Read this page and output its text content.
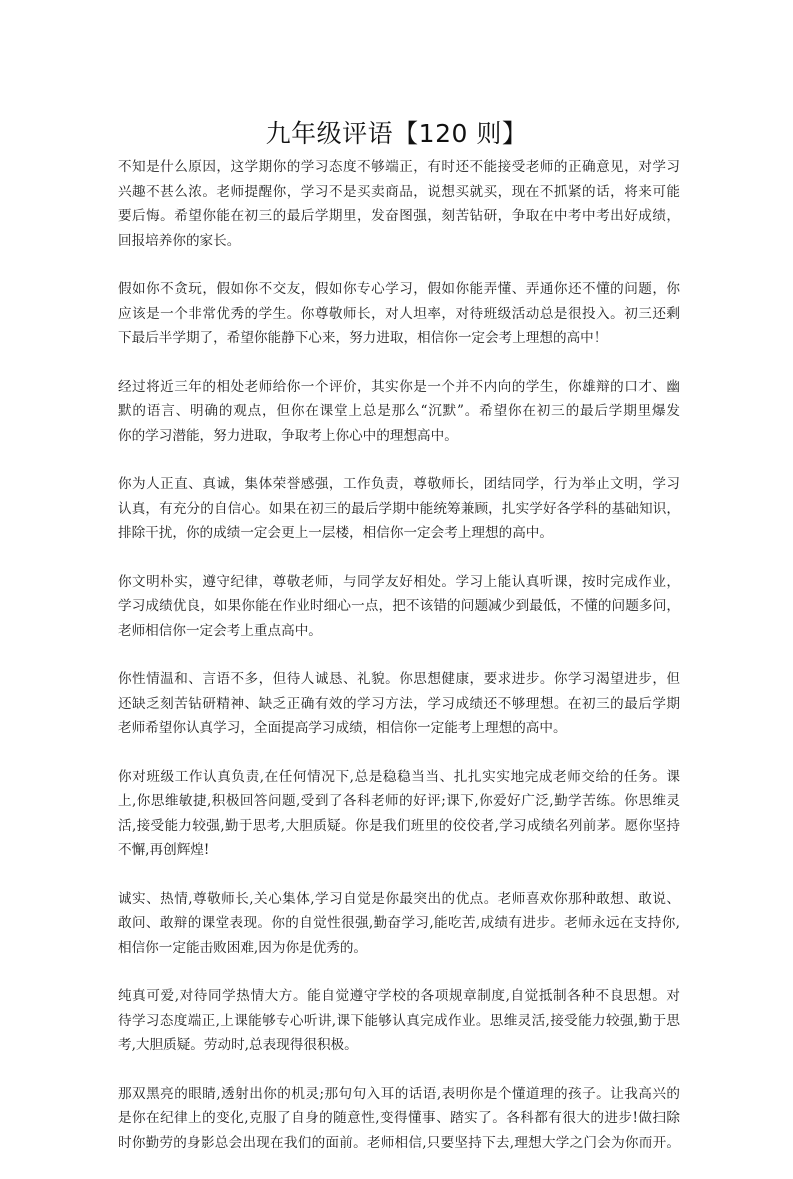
九年级评语【120 则】

不知是什么原因，这学期你的学习态度不够端正，有时还不能接受老师的正确意见，对学习
兴趣不甚么浓。老师提醒你，学习不是买卖商品，说想买就买，现在不抓紧的话，将来可能
要后悔。希望你能在初三的最后学期里，发奋图强，刻苦钻研，争取在中考中考出好成绩，
回报培养你的家长。

假如你不贪玩，假如你不交友，假如你专心学习，假如你能弄懂、弄通你还不懂的问题，你
应该是一个非常优秀的学生。你尊敬师长，对人坦率，对待班级活动总是很投入。初三还剩
下最后半学期了，希望你能静下心来，努力进取，相信你一定会考上理想的高中！

经过将近三年的相处老师给你一个评价，其实你是一个并不内向的学生，你雄辩的口才、幽
默的语言、明确的观点，但你在课堂上总是那么“沉默”。希望你在初三的最后学期里爆发
你的学习潜能，努力进取，争取考上你心中的理想高中。

你为人正直、真诚，集体荣誉感强，工作负责，尊敬师长，团结同学，行为举止文明，学习
认真，有充分的自信心。如果在初三的最后学期中能统筹兼顾，扎实学好各学科的基础知识，
排除干扰，你的成绩一定会更上一层楼，相信你一定会考上理想的高中。

你文明朴实，遵守纪律，尊敬老师，与同学友好相处。学习上能认真听课，按时完成作业，
学习成绩优良，如果你能在作业时细心一点，把不该错的问题减少到最低，不懂的问题多问，
老师相信你一定会考上重点高中。

你性情温和、言语不多，但待人诚恳、礼貌。你思想健康，要求进步。你学习渴望进步，但
还缺乏刻苦钻研精神、缺乏正确有效的学习方法，学习成绩还不够理想。在初三的最后学期
老师希望你认真学习，全面提高学习成绩，相信你一定能考上理想的高中。

你对班级工作认真负责,在任何情况下,总是稳稳当当、扎扎实实地完成老师交给的任务。课
上,你思维敏捷,积极回答问题,受到了各科老师的好评;课下,你爱好广泛,勤学苦练。你思维灵
活,接受能力较强,勤于思考,大胆质疑。你是我们班里的佼佼者,学习成绩名列前茅。愿你坚持
不懈,再创辉煌!

诚实、热情,尊敬师长,关心集体,学习自觉是你最突出的优点。老师喜欢你那种敢想、敢说、
敢问、敢辩的课堂表现。你的自觉性很强,勤奋学习,能吃苦,成绩有进步。老师永远在支持你,
相信你一定能击败困难,因为你是优秀的。

纯真可爱,对待同学热情大方。能自觉遵守学校的各项规章制度,自觉抵制各种不良思想。对
待学习态度端正,上课能够专心听讲,课下能够认真完成作业。思维灵活,接受能力较强,勤于思
考,大胆质疑。劳动时,总表现得很积极。

那双黑亮的眼睛,透射出你的机灵;那句句入耳的话语,表明你是个懂道理的孩子。让我高兴的
是你在纪律上的变化,克服了自身的随意性,变得懂事、踏实了。各科都有很大的进步!做扫除
时你勤劳的身影总会出现在我们的面前。老师相信,只要坚持下去,理想大学之门会为你而开。
